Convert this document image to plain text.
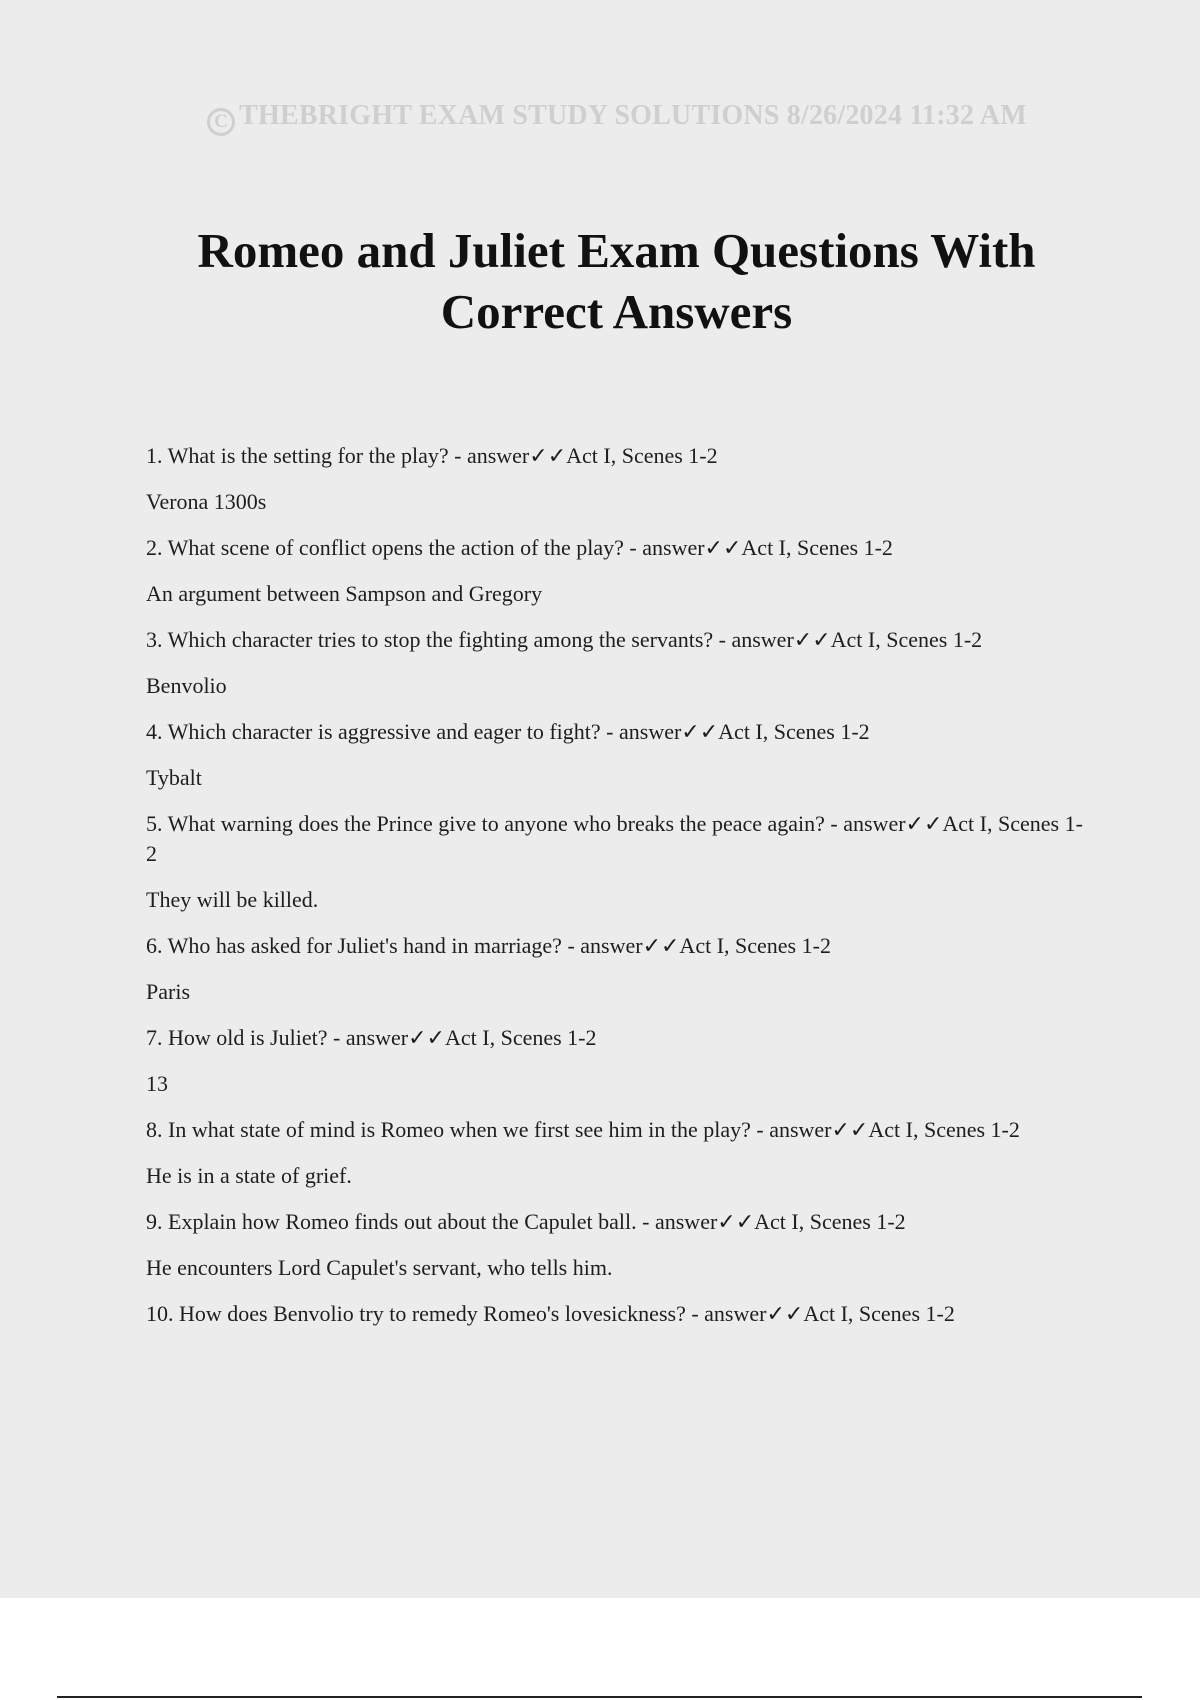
C THEBRIGHT EXAM STUDY SOLUTIONS 8/26/2024 11:32 AM
Romeo and Juliet Exam Questions With Correct Answers

1. What is the setting for the play? - answer✓✓Act I, Scenes 1-2

Verona 1300s

2. What scene of conflict opens the action of the play? - answer✓✓Act I, Scenes 1-2

An argument between Sampson and Gregory

3. Which character tries to stop the fighting among the servants? - answer✓✓Act I, Scenes 1-2

Benvolio

4. Which character is aggressive and eager to fight? - answer✓✓Act I, Scenes 1-2

Tybalt

5. What warning does the Prince give to anyone who breaks the peace again? - answer✓✓Act I, Scenes 1-2

They will be killed.

6. Who has asked for Juliet's hand in marriage? - answer✓✓Act I, Scenes 1-2

Paris

7. How old is Juliet? - answer✓✓Act I, Scenes 1-2

13

8. In what state of mind is Romeo when we first see him in the play? - answer✓✓Act I, Scenes 1-2

He is in a state of grief.

9. Explain how Romeo finds out about the Capulet ball. - answer✓✓Act I, Scenes 1-2

He encounters Lord Capulet's servant, who tells him.

10. How does Benvolio try to remedy Romeo's lovesickness? - answer✓✓Act I, Scenes 1-2
